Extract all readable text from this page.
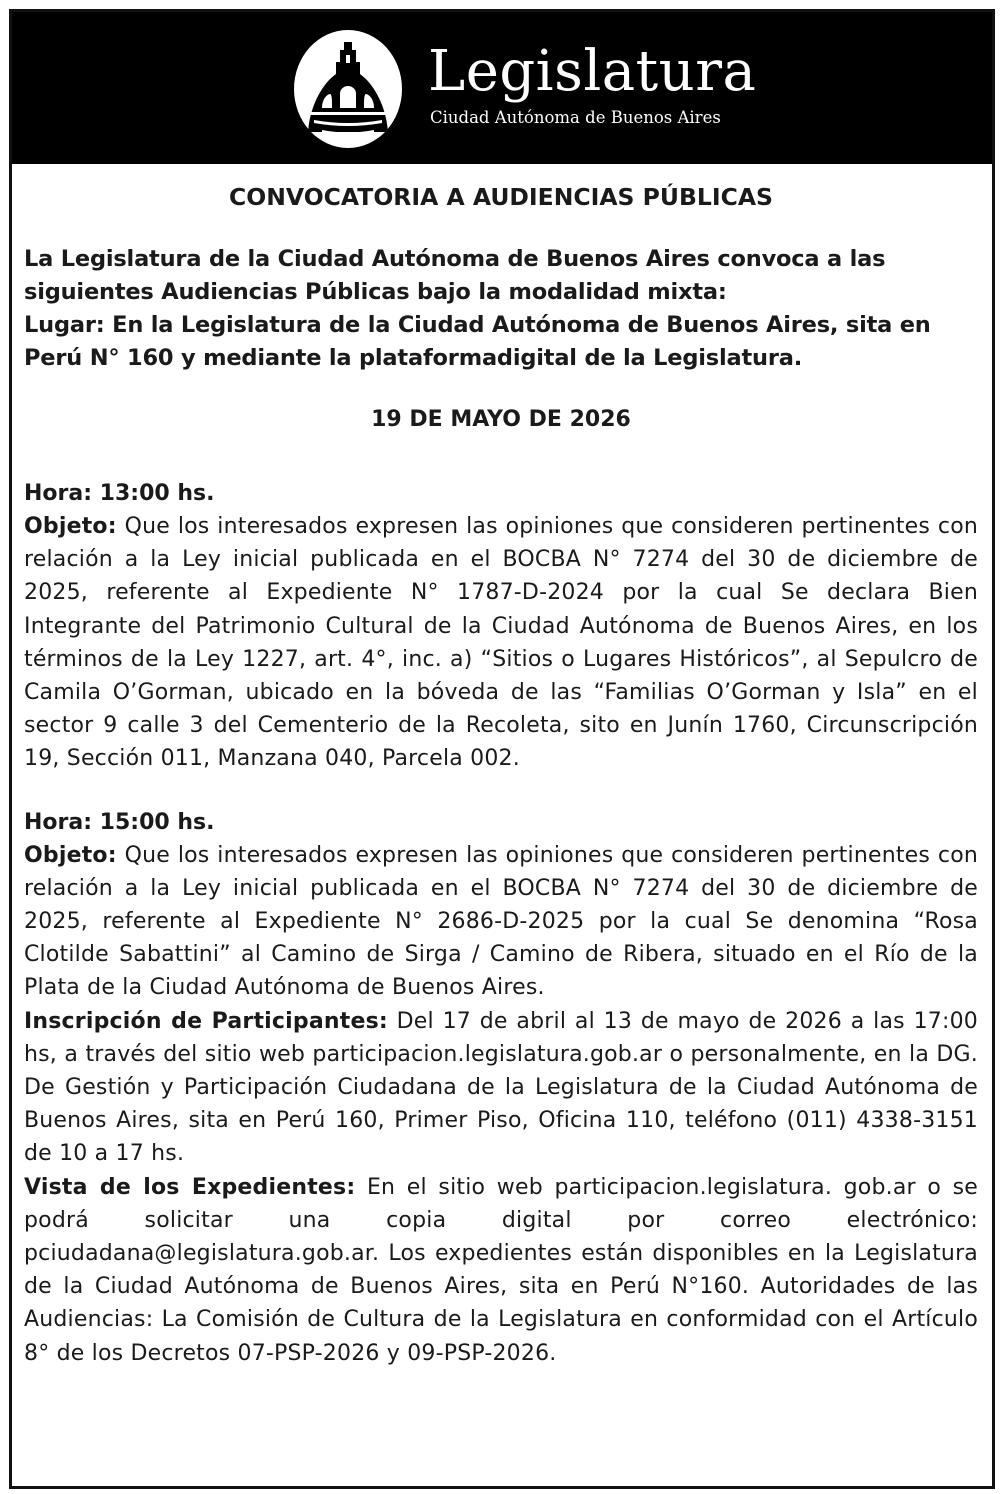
Legislatura
Ciudad Autónoma de Buenos Aires
CONVOCATORIA A AUDIENCIAS PÚBLICAS
La Legislatura de la Ciudad Autónoma de Buenos Aires convoca a las siguientes Audiencias Públicas bajo la modalidad mixta:
Lugar: En la Legislatura de la Ciudad Autónoma de Buenos Aires, sita en Perú N° 160 y mediante la plataformadigital de la Legislatura.
19 DE MAYO DE 2026
Hora: 13:00 hs.
Objeto: Que los interesados expresen las opiniones que consideren pertinentes con relación a la Ley inicial publicada en el BOCBA N° 7274 del 30 de diciembre de 2025, referente al Expediente N° 1787-D-2024 por la cual Se declara Bien Integrante del Patrimonio Cultural de la Ciudad Autónoma de Buenos Aires, en los términos de la Ley 1227, art. 4°, inc. a) “Sitios o Lugares Históricos”, al Sepulcro de Camila O’Gorman, ubicado en la bóveda de las “Familias O’Gorman y Isla” en el sector 9 calle 3 del Cementerio de la Recoleta, sito en Junín 1760, Circunscripción 19, Sección 011, Manzana 040, Parcela 002.
Hora: 15:00 hs.
Objeto: Que los interesados expresen las opiniones que consideren pertinentes con relación a la Ley inicial publicada en el BOCBA N° 7274 del 30 de diciembre de 2025, referente al Expediente N° 2686-D-2025 por la cual Se denomina “Rosa Clotilde Sabattini” al Camino de Sirga / Camino de Ribera, situado en el Río de la Plata de la Ciudad Autónoma de Buenos Aires.
Inscripción de Participantes: Del 17 de abril al 13 de mayo de 2026 a las 17:00 hs, a través del sitio web participacion.legislatura.gob.ar o personalmente, en la DG. De Gestión y Participación Ciudadana de la Legislatura de la Ciudad Autónoma de Buenos Aires, sita en Perú 160, Primer Piso, Oficina 110, teléfono (011) 4338-3151 de 10 a 17 hs.
Vista de los Expedientes: En el sitio web participacion.legislatura. gob.ar o se podrá solicitar una copia digital por correo electrónico: pciudadana@legislatura.gob.ar. Los expedientes están disponibles en la Legislatura de la Ciudad Autónoma de Buenos Aires, sita en Perú N°160. Autoridades de las Audiencias: La Comisión de Cultura de la Legislatura en conformidad con el Artículo 8° de los Decretos 07-PSP-2026 y 09-PSP-2026.
